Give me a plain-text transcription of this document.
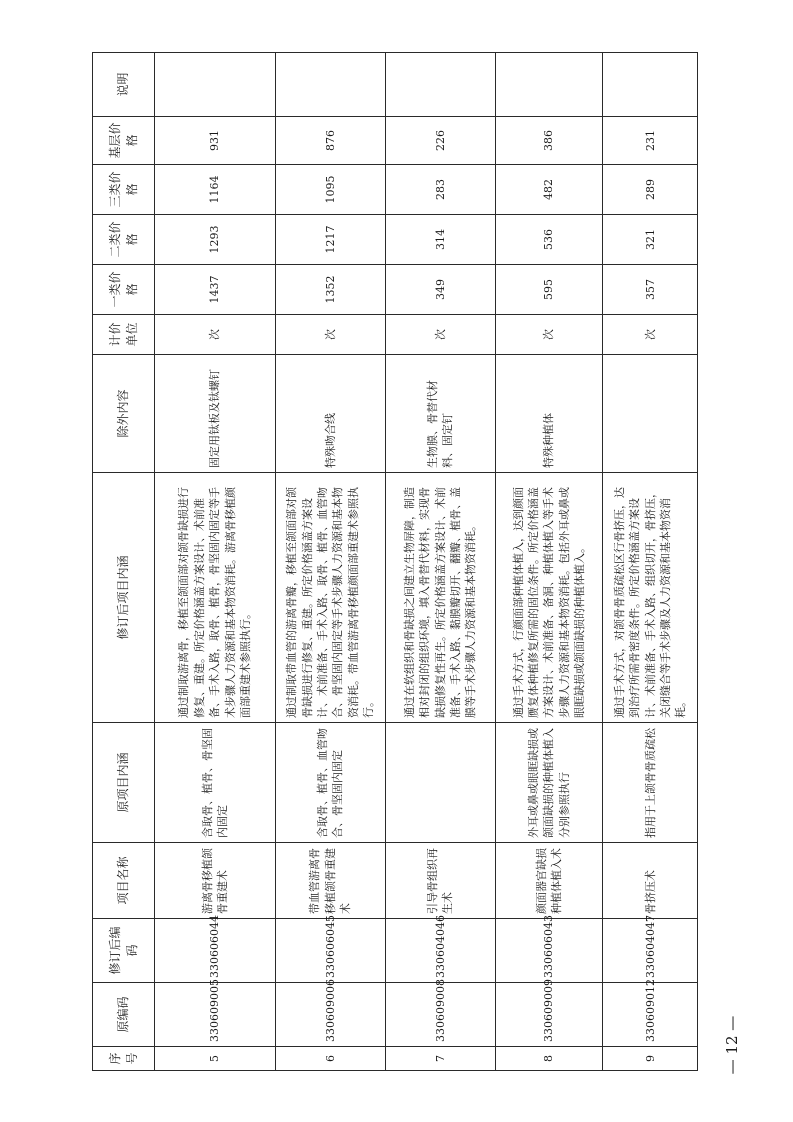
序号	原编码	修订后编码	项目名称	原项目内涵	修订后项目内涵	除外内容	计价单位	一类价格	二类价格	三类价格	基层价格	说明
5	330609005	330606044	游离骨移植颌骨重建术	含取骨、植骨、骨坚固内固定	通过制取游离骨，移植至颌面部对颌骨缺损进行修复、重建。所定价格涵盖方案设计、术前准备、手术入路，取骨、植骨，骨坚固内固定等手术步骤人力资源和基本物资消耗。游离骨移植颜面部重建术参照执行。	固定用钛板及钛螺钉	次	1437	1293	1164	931	
6	330609006	330606045	带血管游离骨移植颌骨重建术	含取骨、植骨、血管吻合、骨坚固内固定	通过制取带血管的游离骨瓣，移植至颌面部对颌骨缺损进行修复、重建。所定价格涵盖方案设计、术前准备、手术入路、取骨、植骨、血管吻合、骨坚固内固定等手术步骤人力资源和基本物资消耗。带血管游离骨移植颜面部重建术参照执行。	特殊吻合线	次	1352	1217	1095	876	
7	330609008	330604046	引导骨组织再生术		通过在软组织和骨缺损之间建立生物屏障，制造相对封闭的组织环境，填入骨替代材料，实现骨缺损修复性再生。所定价格涵盖方案设计、术前准备、手术入路、黏膜瓣切开、翻瓣、植骨、盖膜等手术步骤人力资源和基本物资消耗。	生物膜、骨替代材料、固定钉	次	349	314	283	226	
8	330609009	330606043	颜面器官缺损种植体植入术	外耳或鼻或眼眶缺损或颌面缺损的种植体植入分别参照执行	通过手术方式，行颜面部种植体植入，达到颜面赝复体种植修复所需的固位条件。所定价格涵盖方案设计、术前准备、备洞、种植体植入等手术步骤人力资源和基本物资消耗。包括外耳或鼻或眼眶缺损或颌面缺损的种植体植入。	特殊种植体	次	595	536	482	386	
9	330609012	330604047	骨挤压术	指用于上颌骨骨质疏松	通过手术方式，对颌骨骨质疏松区行骨挤压，达到治疗所需骨密度条件。所定价格涵盖方案设计、术前准备、手术入路、组织切开，骨挤压，关闭缝合等手术步骤及人力资源和基本物资消耗。		次	357	321	289	231	
— 12 —
